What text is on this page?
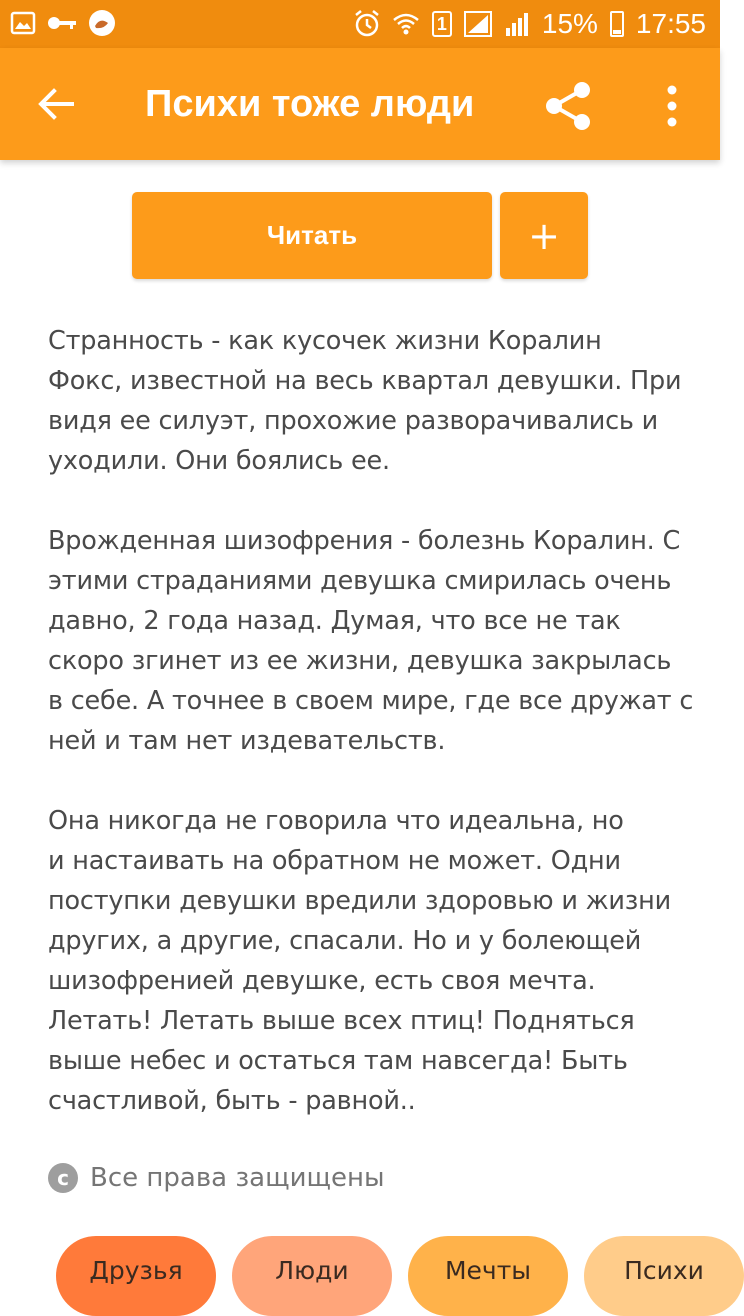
1	15% 17:55
Психи тоже люди
Читать	+

Странность - как кусочек жизни Коралин
Фокс, известной на весь квартал девушки. При
видя ее силуэт, прохожие разворачивались и
уходили. Они боялись ее.

Врожденная шизофрения - болезнь Коралин. С
этими страданиями девушка смирилась очень
давно, 2 года назад. Думая, что все не так
скоро згинет из ее жизни, девушка закрылась
в себе. А точнее в своем мире, где все дружат с
ней и там нет издевательств.

Она никогда не говорила что идеальна, но
и настаивать на обратном не может. Одни
поступки девушки вредили здоровью и жизни
других, а другие, спасали. Но и у болеющей
шизофренией девушке, есть своя мечта.
Летать! Летать выше всех птиц! Подняться
выше небес и остаться там навсегда! Быть
счастливой, быть - равной..

c Все права защищены
Друзья	Люди	Мечты	Психи
